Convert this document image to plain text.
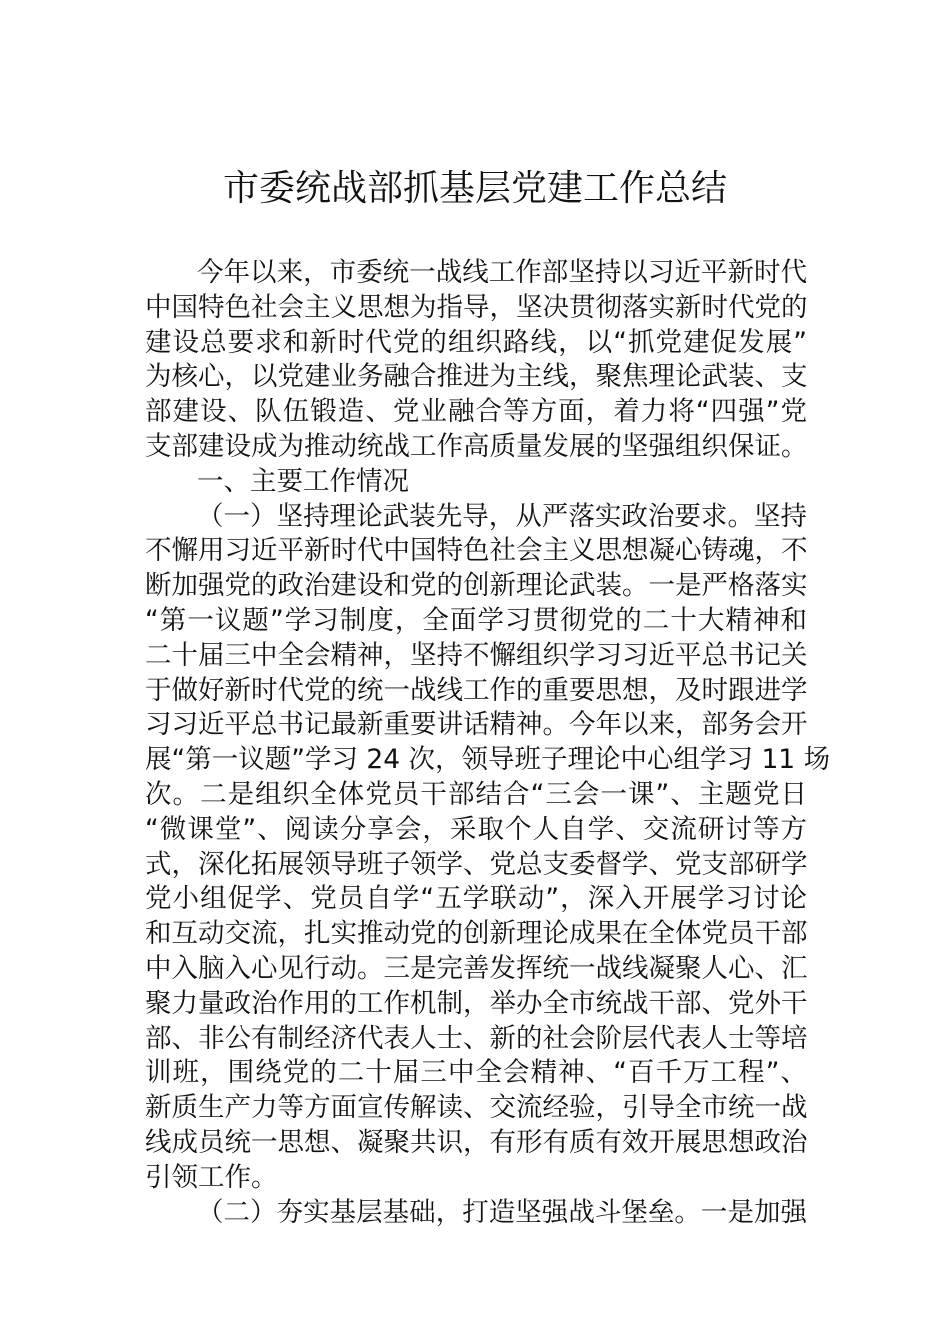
市委统战部抓基层党建工作总结
今年以来，市委统一战线工作部坚持以习近平新时代
中国特色社会主义思想为指导，坚决贯彻落实新时代党的
建设总要求和新时代党的组织路线，以“抓党建促发展”
为核心，以党建业务融合推进为主线，聚焦理论武装、支
部建设、队伍锻造、党业融合等方面，着力将“四强”党
支部建设成为推动统战工作高质量发展的坚强组织保证。
一、主要工作情况
（一）坚持理论武装先导，从严落实政治要求。坚持
不懈用习近平新时代中国特色社会主义思想凝心铸魂，不
断加强党的政治建设和党的创新理论武装。一是严格落实
“第一议题”学习制度，全面学习贯彻党的二十大精神和
二十届三中全会精神，坚持不懈组织学习习近平总书记关
于做好新时代党的统一战线工作的重要思想，及时跟进学
习习近平总书记最新重要讲话精神。今年以来，部务会开
展“第一议题”学习 24 次，领导班子理论中心组学习 11 场
次。二是组织全体党员干部结合“三会一课”、主题党日
“微课堂”、阅读分享会，采取个人自学、交流研讨等方
式，深化拓展领导班子领学、党总支委督学、党支部研学
党小组促学、党员自学“五学联动”，深入开展学习讨论
和互动交流，扎实推动党的创新理论成果在全体党员干部
中入脑入心见行动。三是完善发挥统一战线凝聚人心、汇
聚力量政治作用的工作机制，举办全市统战干部、党外干
部、非公有制经济代表人士、新的社会阶层代表人士等培
训班，围绕党的二十届三中全会精神、“百千万工程”、
新质生产力等方面宣传解读、交流经验，引导全市统一战
线成员统一思想、凝聚共识，有形有质有效开展思想政治
引领工作。
（二）夯实基层基础，打造坚强战斗堡垒。一是加强
